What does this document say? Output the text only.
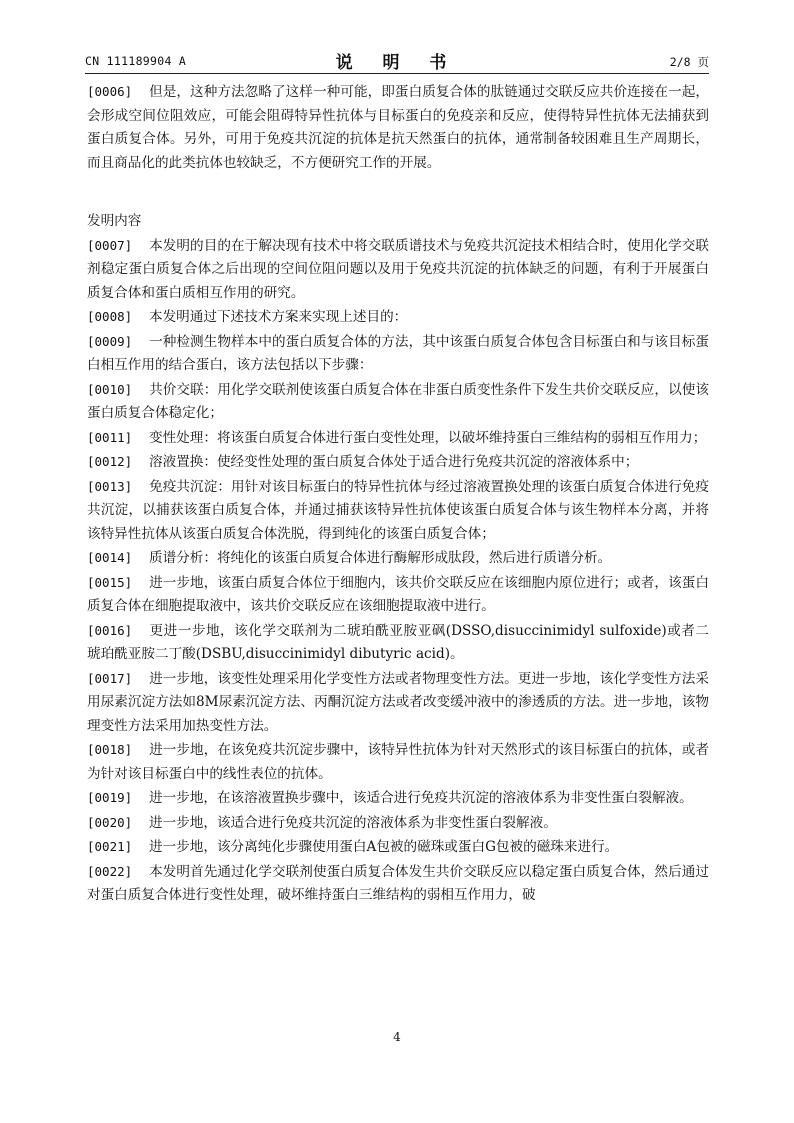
CN 111189904 A	说 明 书	2/8 页

[0006] 但是，这种方法忽略了这样一种可能，即蛋白质复合体的肽链通过交联反应共价连接在一起，会形成空间位阻效应，可能会阻碍特异性抗体与目标蛋白的免疫亲和反应，使得特异性抗体无法捕获到蛋白质复合体。另外，可用于免疫共沉淀的抗体是抗天然蛋白的抗体，通常制备较困难且生产周期长，而且商品化的此类抗体也较缺乏，不方便研究工作的开展。

发明内容

[0007] 本发明的目的在于解决现有技术中将交联质谱技术与免疫共沉淀技术相结合时，使用化学交联剂稳定蛋白质复合体之后出现的空间位阻问题以及用于免疫共沉淀的抗体缺乏的问题，有利于开展蛋白质复合体和蛋白质相互作用的研究。

[0008] 本发明通过下述技术方案来实现上述目的：

[0009] 一种检测生物样本中的蛋白质复合体的方法，其中该蛋白质复合体包含目标蛋白和与该目标蛋白相互作用的结合蛋白，该方法包括以下步骤：

[0010] 共价交联：用化学交联剂使该蛋白质复合体在非蛋白质变性条件下发生共价交联反应，以使该蛋白质复合体稳定化；

[0011] 变性处理：将该蛋白质复合体进行蛋白变性处理，以破坏维持蛋白三维结构的弱相互作用力；

[0012] 溶液置换：使经变性处理的蛋白质复合体处于适合进行免疫共沉淀的溶液体系中；

[0013] 免疫共沉淀：用针对该目标蛋白的特异性抗体与经过溶液置换处理的该蛋白质复合体进行免疫共沉淀，以捕获该蛋白质复合体，并通过捕获该特异性抗体使该蛋白质复合体与该生物样本分离，并将该特异性抗体从该蛋白质复合体洗脱，得到纯化的该蛋白质复合体；

[0014] 质谱分析：将纯化的该蛋白质复合体进行酶解形成肽段，然后进行质谱分析。

[0015] 进一步地，该蛋白质复合体位于细胞内，该共价交联反应在该细胞内原位进行；或者，该蛋白质复合体在细胞提取液中，该共价交联反应在该细胞提取液中进行。

[0016] 更进一步地，该化学交联剂为二琥珀酰亚胺亚砜(DSSO,disuccinimidyl sulfoxide)或者二琥珀酰亚胺二丁酸(DSBU,disuccinimidyl dibutyric acid)。

[0017] 进一步地，该变性处理采用化学变性方法或者物理变性方法。更进一步地，该化学变性方法采用尿素沉淀方法如8M尿素沉淀方法、丙酮沉淀方法或者改变缓冲液中的渗透质的方法。进一步地，该物理变性方法采用加热变性方法。

[0018] 进一步地，在该免疫共沉淀步骤中，该特异性抗体为针对天然形式的该目标蛋白的抗体，或者为针对该目标蛋白中的线性表位的抗体。

[0019] 进一步地，在该溶液置换步骤中，该适合进行免疫共沉淀的溶液体系为非变性蛋白裂解液。

[0020] 进一步地，该适合进行免疫共沉淀的溶液体系为非变性蛋白裂解液。

[0021] 进一步地，该分离纯化步骤使用蛋白A包被的磁珠或蛋白G包被的磁珠来进行。

[0022] 本发明首先通过化学交联剂使蛋白质复合体发生共价交联反应以稳定蛋白质复合体，然后通过对蛋白质复合体进行变性处理，破坏维持蛋白三维结构的弱相互作用力，破

4
